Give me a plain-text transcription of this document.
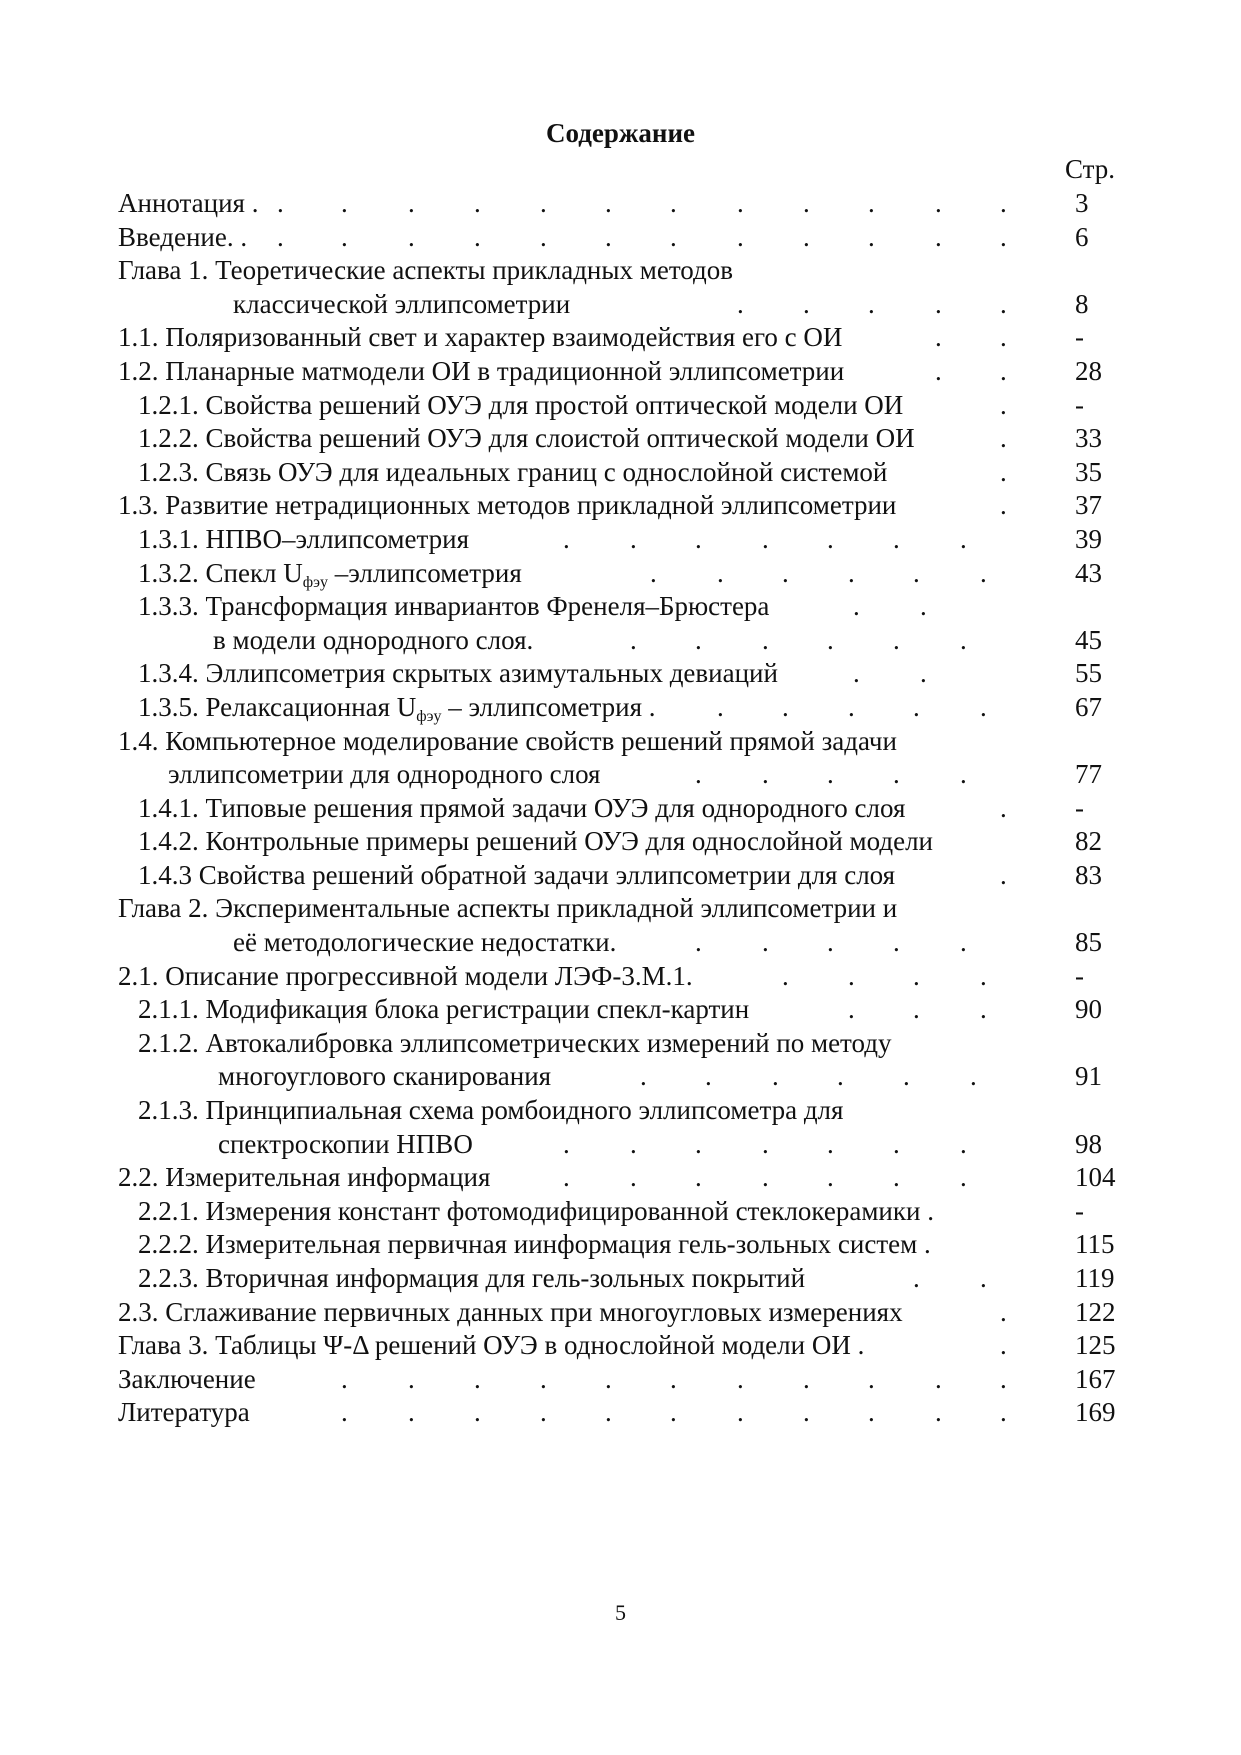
Содержание
Стр.
Аннотация . . . . . . . . . . . . .	3
Введение. . . . . . . . . . . . . .	6
Глава 1. Теоретические аспекты прикладных методов
классической эллипсометрии	. . . . .	8
1.1. Поляризованный свет и характер взаимодействия его с ОИ	. .	-
1.2. Планарные матмодели ОИ в традиционной эллипсометрии	. .	28
1.2.1. Свойства решений ОУЭ для простой оптической модели ОИ	.	-
1.2.2. Свойства решений ОУЭ для слоистой оптической модели ОИ	.	33
1.2.3. Связь ОУЭ для идеальных границ с однослойной системой	.	35
1.3. Развитие нетрадиционных методов прикладной эллипсометрии	.	37
1.3.1. НПВО–эллипсометрия	. . . . . . .	39
1.3.2. Спекл Uфэу –эллипсометрия	. . . . . .	43
1.3.3. Трансформация инвариантов Френеля–Брюстера	. .
в модели однородного слоя.	. . . . . .	45
1.3.4. Эллипсометрия скрытых азимутальных девиаций	. .	55
1.3.5. Релаксационная Uфэу – эллипсометрия . . . . . .	67
1.4. Компьютерное моделирование свойств решений прямой задачи
эллипсометрии для однородного слоя	. . . . .	77
1.4.1. Типовые решения прямой задачи ОУЭ для однородного слоя	.	-
1.4.2. Контрольные примеры решений ОУЭ для однослойной модели	82
1.4.3 Свойства решений обратной задачи эллипсометрии для слоя	.	83
Глава 2. Экспериментальные аспекты прикладной эллипсометрии и
её методологические недостатки.	. . . . .	85
2.1. Описание прогрессивной модели ЛЭФ-3.М.1.	. . . .	-
2.1.1. Модификация блока регистрации спекл-картин	. . .	90
2.1.2. Автокалибровка эллипсометрических измерений по методу
многоуглового сканирования	. . . . . .	91
2.1.3. Принципиальная схема ромбоидного эллипсометра для
спектроскопии НПВО	. . . . . . .	98
2.2. Измерительная информация	. . . . . . .	104
2.2.1. Измерения констант фотомодифицированной стеклокерамики .	-
2.2.2. Измерительная первичная иинформация гель-зольных систем .	115
2.2.3. Вторичная информация для гель-зольных покрытий	. .	119
2.3. Сглаживание первичных данных при многоугловых измерениях	.	122
Глава 3. Таблицы Ψ-Δ решений ОУЭ в однослойной модели ОИ .	.	125
Заключение	. . . . . . . . . . .	167
Литература	. . . . . . . . . . .	169
5
